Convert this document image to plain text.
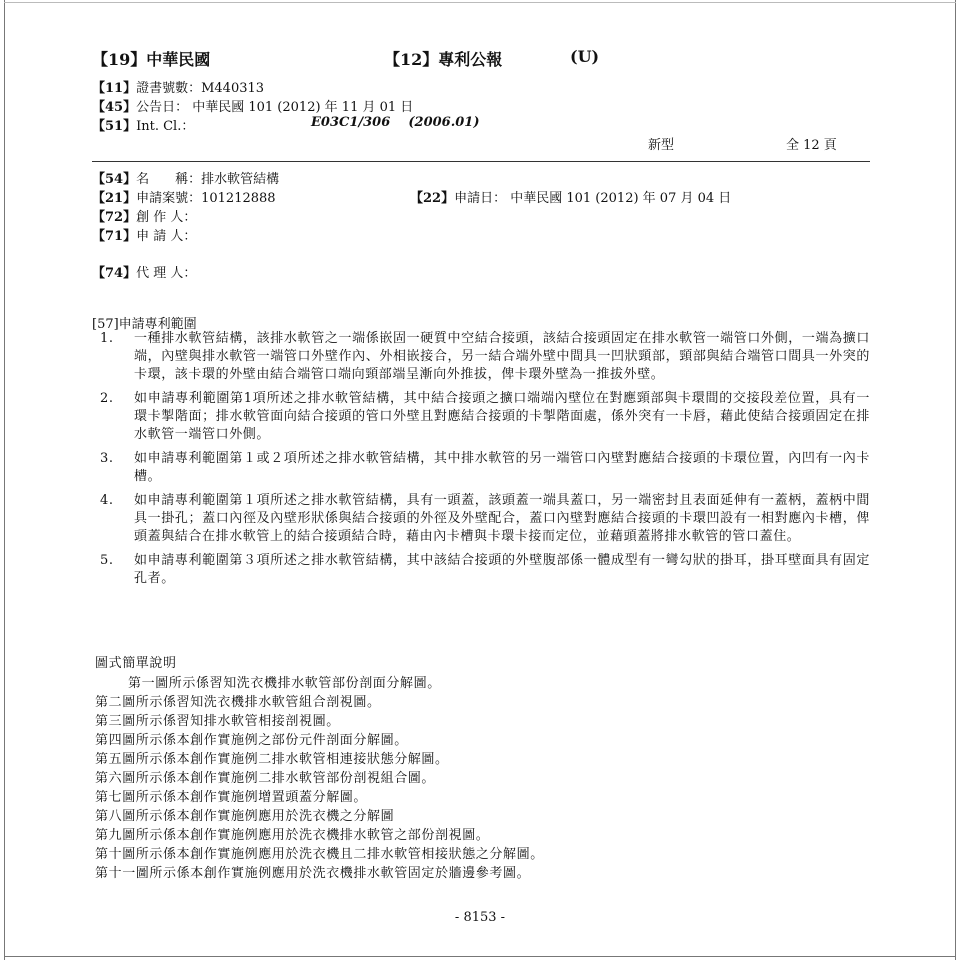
【19】中華民國	【12】專利公報	(U)
【11】證書號數：M440313
【45】公告日： 中華民國 101 (2012) 年 11 月 01 日
【51】Int. Cl.：	E03C1/306    (2006.01)
新型	全 12 頁
【54】名　　稱：排水軟管結構
【21】申請案號：101212888	【22】申請日： 中華民國 101 (2012) 年 07 月 04 日
【72】創 作 人：
【71】申 請 人：
【74】代 理 人：
[57]申請專利範圍
1. 一種排水軟管結構，該排水軟管之一端係嵌固一硬質中空結合接頭，該結合接頭固定在排水軟管一端管口外側，一端為擴口端，內壁與排水軟管一端管口外壁作內、外相嵌接合，另一結合端外壁中間具一凹狀頸部，頸部與結合端管口間具一外突的卡環，該卡環的外壁由結合端管口端向頸部端呈漸向外推拔，俾卡環外壁為一推拔外壁。
2. 如申請專利範圍第1項所述之排水軟管結構，其中結合接頭之擴口端端內壁位在對應頸部與卡環間的交接段差位置，具有一環卡掣階面；排水軟管面向結合接頭的管口外壁且對應結合接頭的卡掣階面處，係外突有一卡唇，藉此使結合接頭固定在排水軟管一端管口外側。
3. 如申請專利範圍第１或２項所述之排水軟管結構，其中排水軟管的另一端管口內壁對應結合接頭的卡環位置，內凹有一內卡槽。
4. 如申請專利範圍第１項所述之排水軟管結構，具有一頭蓋，該頭蓋一端具蓋口，另一端密封且表面延伸有一蓋柄，蓋柄中間具一掛孔；蓋口內徑及內壁形狀係與結合接頭的外徑及外壁配合，蓋口內壁對應結合接頭的卡環凹設有一相對應內卡槽，俾頭蓋與結合在排水軟管上的結合接頭結合時，藉由內卡槽與卡環卡接而定位，並藉頭蓋將排水軟管的管口蓋住。
5. 如申請專利範圍第３項所述之排水軟管結構，其中該結合接頭的外壁腹部係一體成型有一彎勾狀的掛耳，掛耳壁面具有固定孔者。
圖式簡單說明
第一圖所示係習知洗衣機排水軟管部份剖面分解圖。
第二圖所示係習知洗衣機排水軟管組合剖視圖。
第三圖所示係習知排水軟管相接剖視圖。
第四圖所示係本創作實施例之部份元件剖面分解圖。
第五圖所示係本創作實施例二排水軟管相連接狀態分解圖。
第六圖所示係本創作實施例二排水軟管部份剖視組合圖。
第七圖所示係本創作實施例增置頭蓋分解圖。
第八圖所示係本創作實施例應用於洗衣機之分解圖
第九圖所示係本創作實施例應用於洗衣機排水軟管之部份剖視圖。
第十圖所示係本創作實施例應用於洗衣機且二排水軟管相接狀態之分解圖。
第十一圖所示係本創作實施例應用於洗衣機排水軟管固定於牆邊參考圖。
- 8153 -
